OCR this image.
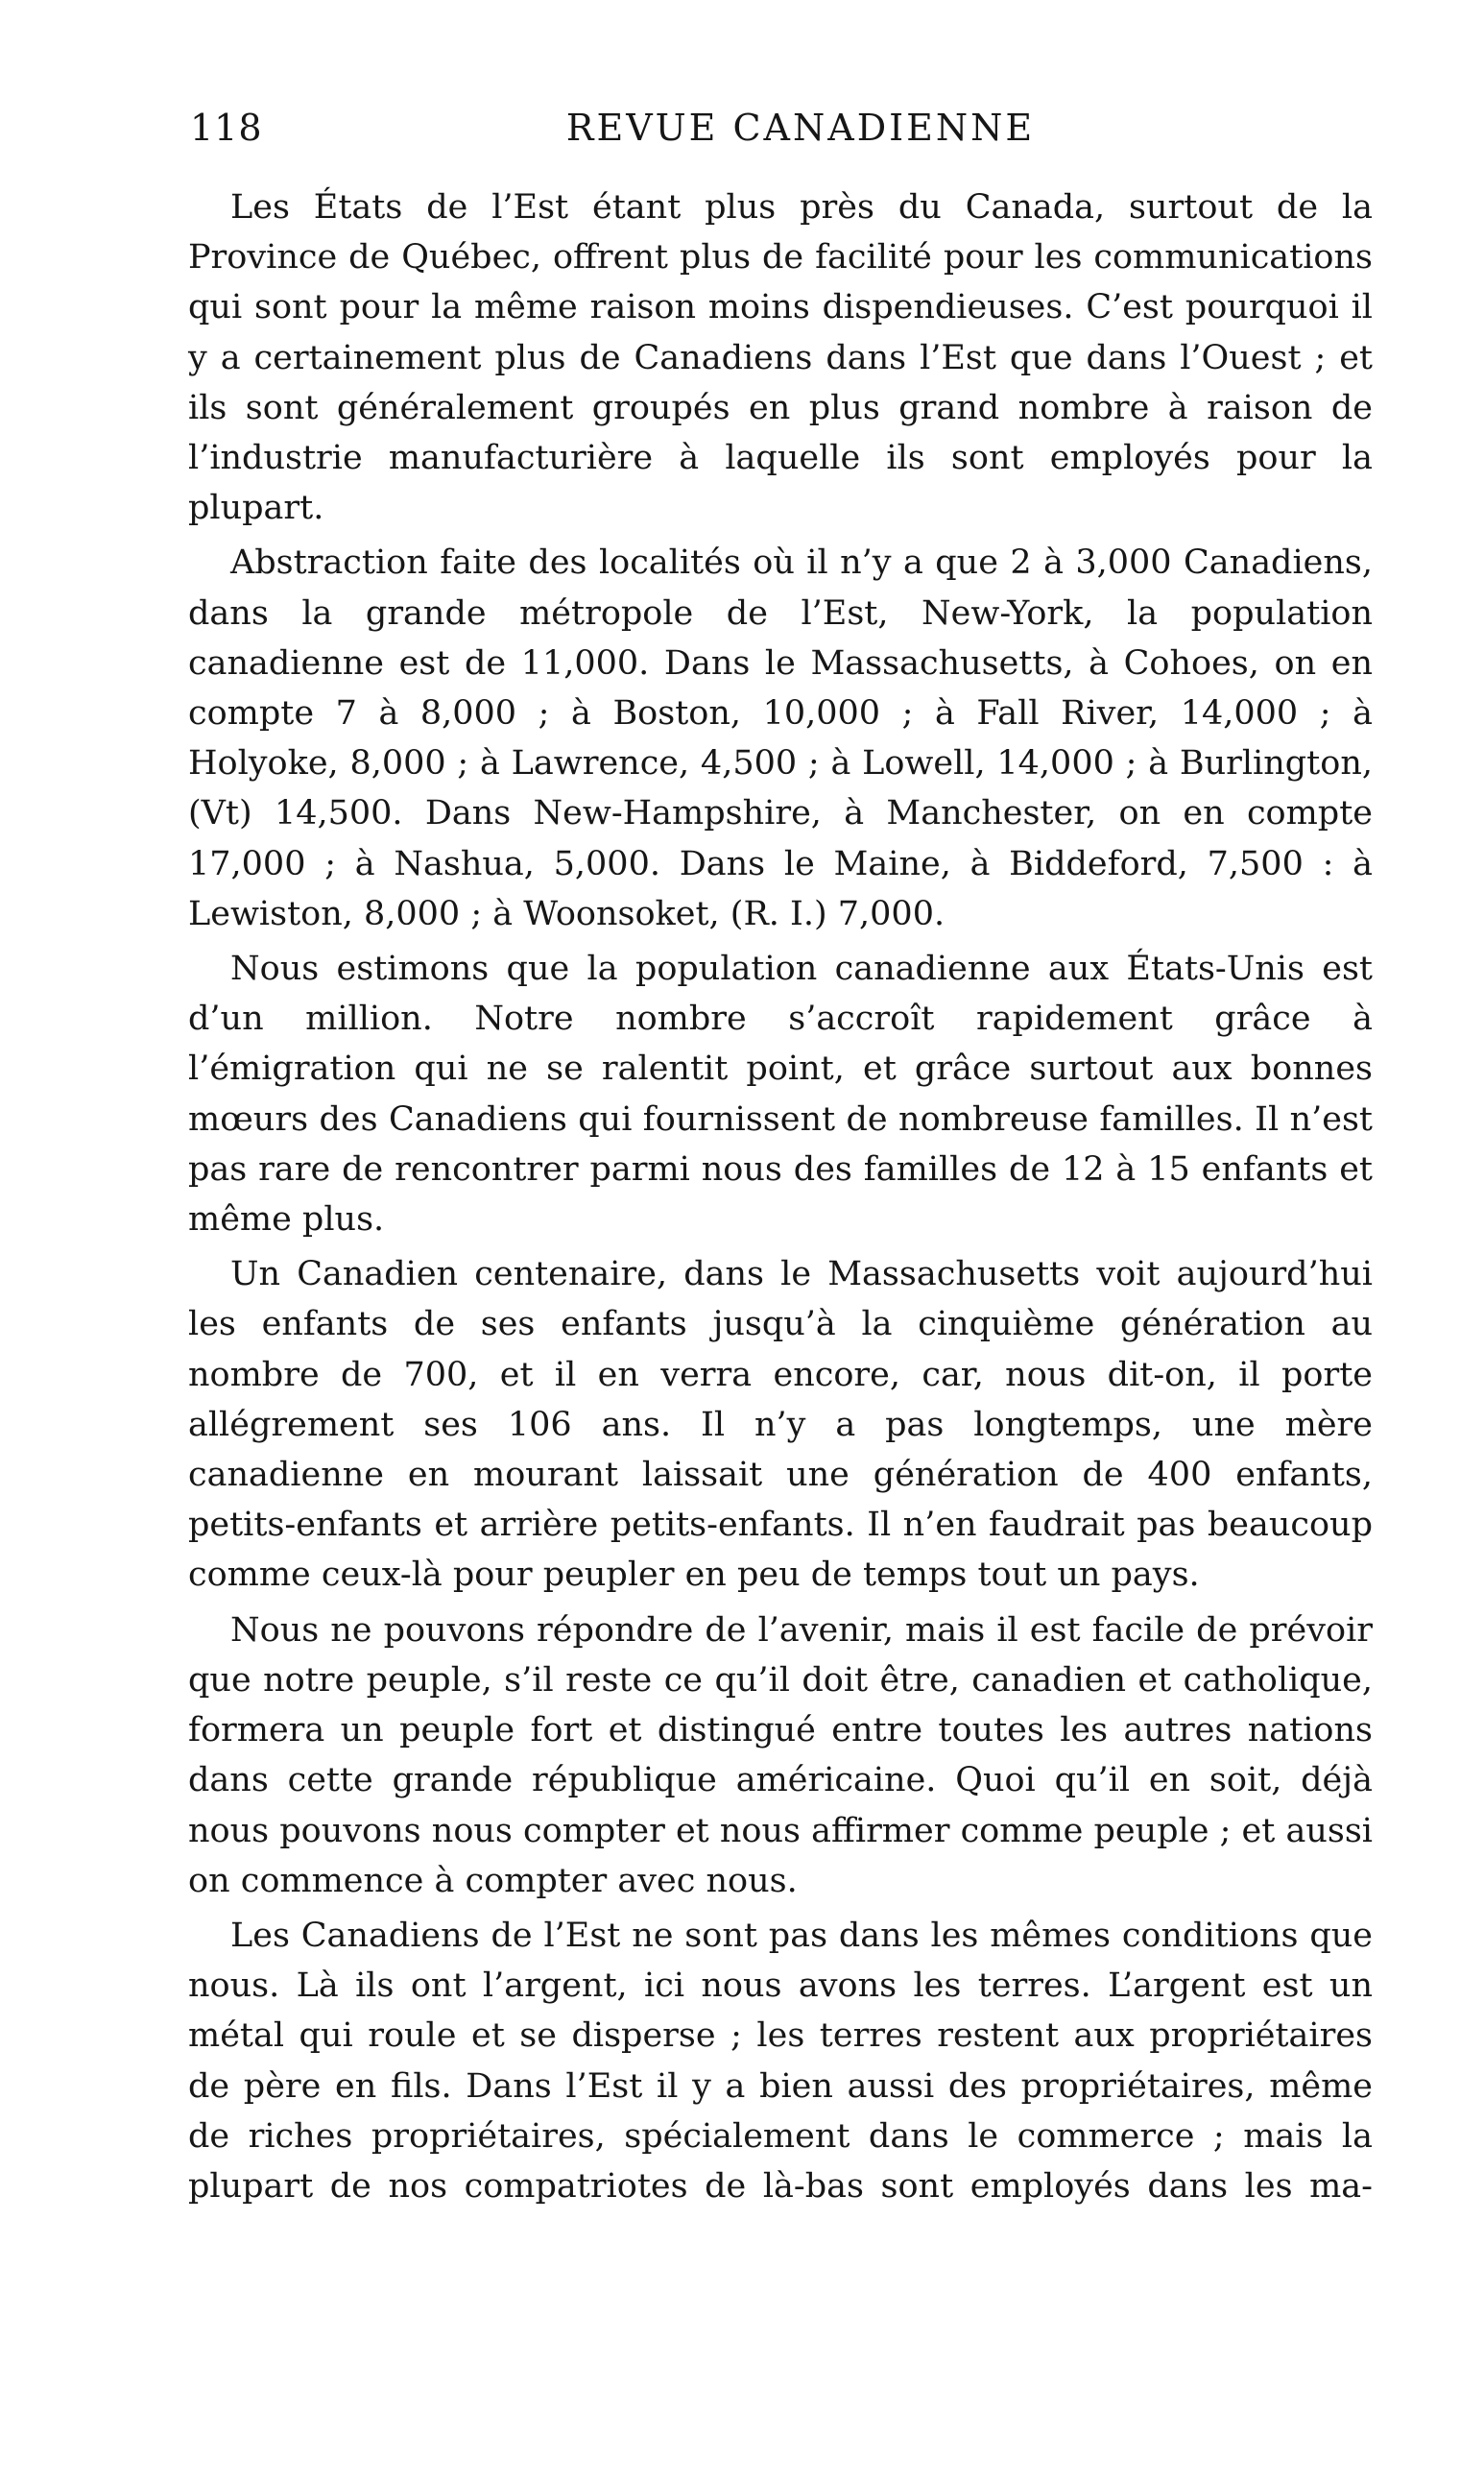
118	REVUE CANADIENNE

Les États de l’Est étant plus près du Canada, surtout de la Province de Québec, offrent plus de facilité pour les communications qui sont pour la même raison moins dispendieuses. C’est pourquoi il y a certainement plus de Canadiens dans l’Est que dans l’Ouest ; et ils sont généralement groupés en plus grand nombre à raison de l’industrie manufacturière à laquelle ils sont employés pour la plupart.

Abstraction faite des localités où il n’y a que 2 à 3,000 Canadiens, dans la grande métropole de l’Est, New-York, la population canadienne est de 11,000. Dans le Massachusetts, à Cohoes, on en compte 7 à 8,000 ; à Boston, 10,000 ; à Fall River, 14,000 ; à Holyoke, 8,000 ; à Lawrence, 4,500 ; à Lowell, 14,000 ; à Burlington, (Vt) 14,500. Dans New-Hampshire, à Manchester, on en compte 17,000 ; à Nashua, 5,000. Dans le Maine, à Biddeford, 7,500 : à Lewiston, 8,000 ; à Woonsoket, (R. I.) 7,000.

Nous estimons que la population canadienne aux États-Unis est d’un million. Notre nombre s’accroît rapidement grâce à l’émigration qui ne se ralentit point, et grâce surtout aux bonnes mœurs des Canadiens qui fournissent de nombreuse familles. Il n’est pas rare de rencontrer parmi nous des familles de 12 à 15 enfants et même plus.

Un Canadien centenaire, dans le Massachusetts voit aujourd’hui les enfants de ses enfants jusqu’à la cinquième génération au nombre de 700, et il en verra encore, car, nous dit-on, il porte allégrement ses 106 ans. Il n’y a pas longtemps, une mère canadienne en mourant laissait une génération de 400 enfants, petits-enfants et arrière petits-enfants. Il n’en faudrait pas beaucoup comme ceux-là pour peupler en peu de temps tout un pays.

Nous ne pouvons répondre de l’avenir, mais il est facile de prévoir que notre peuple, s’il reste ce qu’il doit être, canadien et catholique, formera un peuple fort et distingué entre toutes les autres nations dans cette grande république américaine. Quoi qu’il en soit, déjà nous pouvons nous compter et nous affirmer comme peuple ; et aussi on commence à compter avec nous.

Les Canadiens de l’Est ne sont pas dans les mêmes conditions que nous. Là ils ont l’argent, ici nous avons les terres. L’argent est un métal qui roule et se disperse ; les terres restent aux propriétaires de père en fils. Dans l’Est il y a bien aussi des propriétaires, même de riches propriétaires, spécialement dans le commerce ; mais la plupart de nos compatriotes de là-bas sont employés dans les ma-
